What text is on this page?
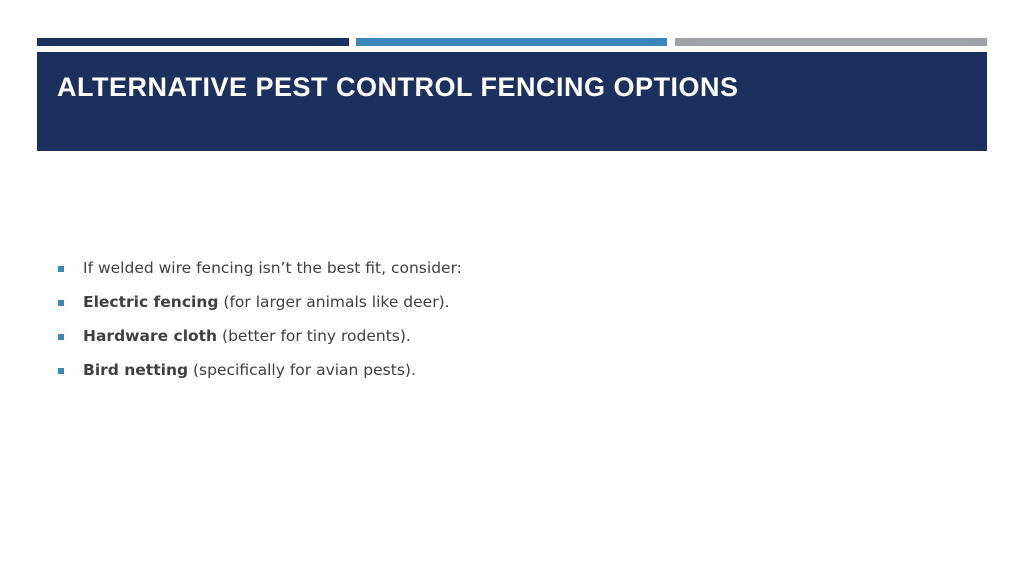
ALTERNATIVE PEST CONTROL FENCING OPTIONS
If welded wire fencing isn’t the best fit, consider:
Electric fencing (for larger animals like deer).
Hardware cloth (better for tiny rodents).
Bird netting (specifically for avian pests).
